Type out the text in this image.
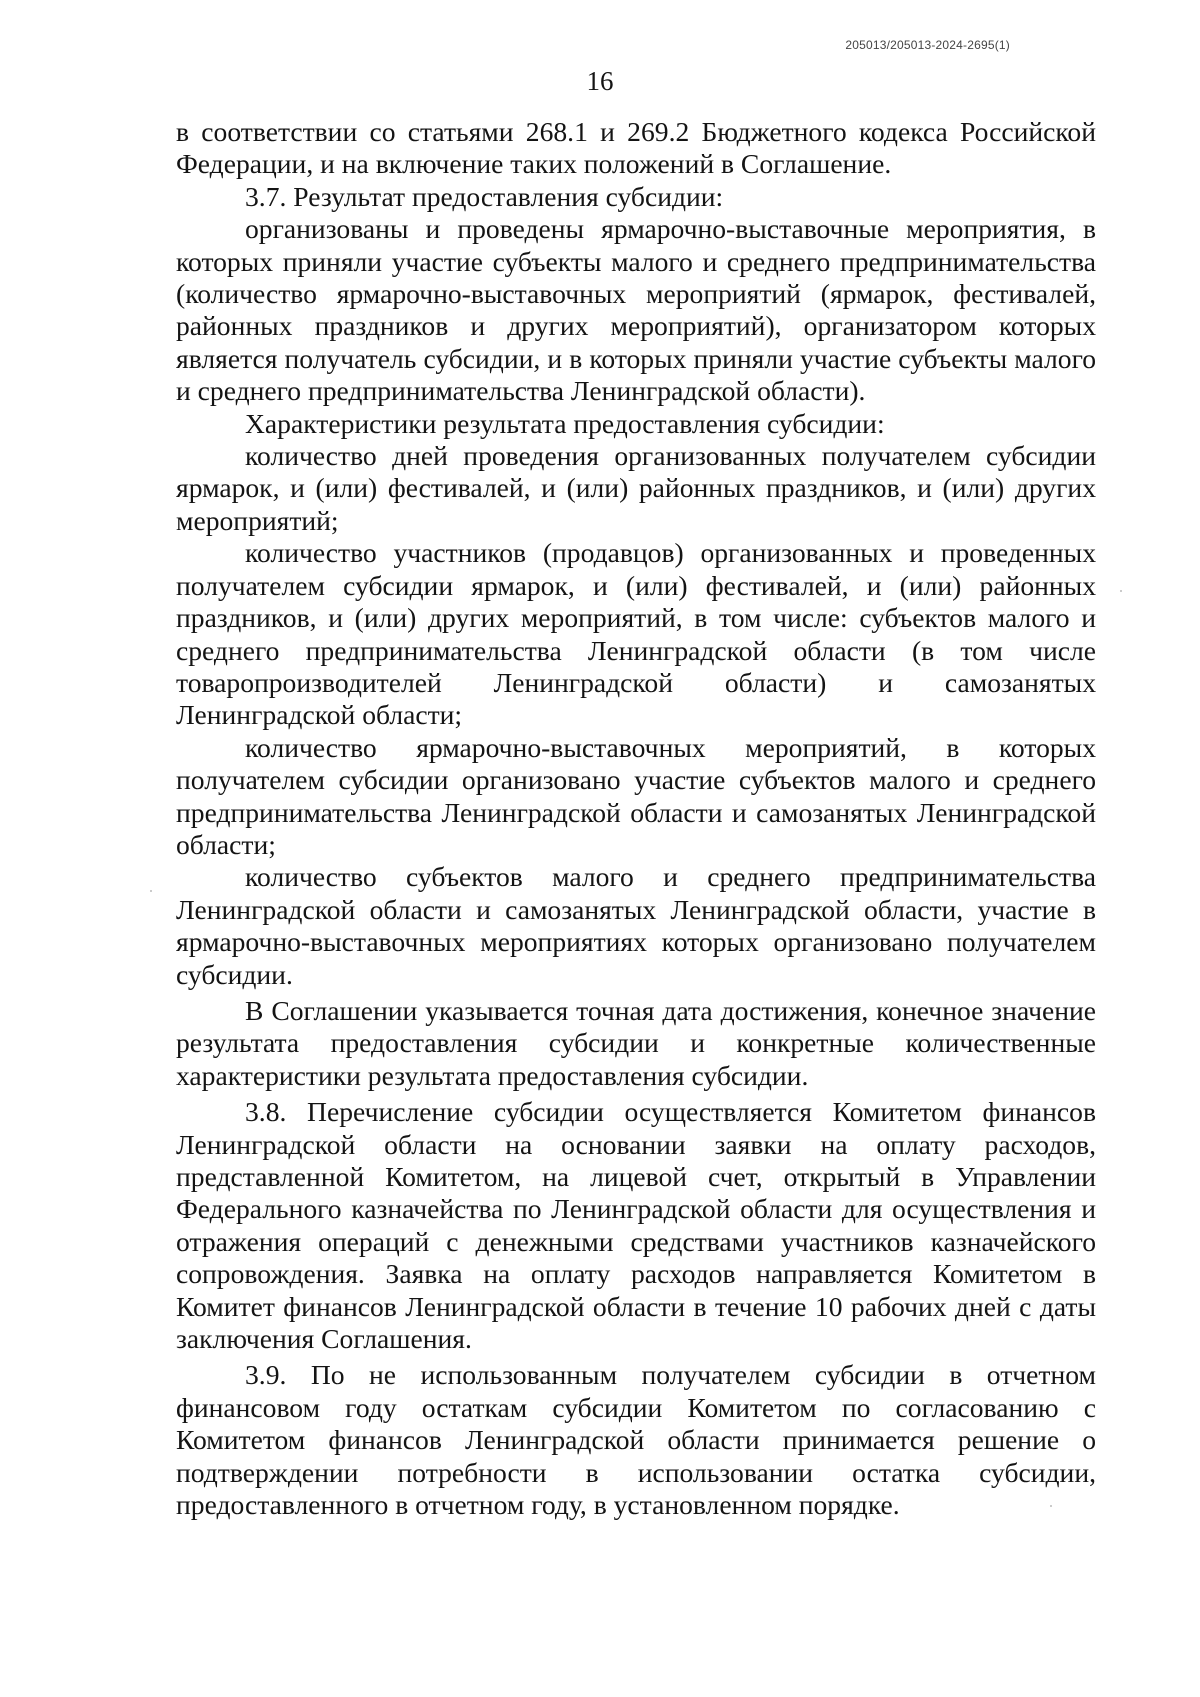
205013/205013-2024-2695(1)
16

в соответствии со статьями 268.1 и 269.2 Бюджетного кодекса Российской Федерации, и на включение таких положений в Соглашение.

3.7. Результат предоставления субсидии:

организованы и проведены ярмарочно-выставочные мероприятия, в которых приняли участие субъекты малого и среднего предпринимательства (количество ярмарочно-выставочных мероприятий (ярмарок, фестивалей, районных праздников и других мероприятий), организатором которых является получатель субсидии, и в которых приняли участие субъекты малого и среднего предпринимательства Ленинградской области).

Характеристики результата предоставления субсидии:

количество дней проведения организованных получателем субсидии ярмарок, и (или) фестивалей, и (или) районных праздников, и (или) других мероприятий;

количество участников (продавцов) организованных и проведенных получателем субсидии ярмарок, и (или) фестивалей, и (или) районных праздников, и (или) других мероприятий, в том числе: субъектов малого и среднего предпринимательства Ленинградской области (в том числе товаропроизводителей Ленинградской области) и самозанятых Ленинградской области;

количество ярмарочно-выставочных мероприятий, в которых получателем субсидии организовано участие субъектов малого и среднего предпринимательства Ленинградской области и самозанятых Ленинградской области;

количество субъектов малого и среднего предпринимательства Ленинградской области и самозанятых Ленинградской области, участие в ярмарочно-выставочных мероприятиях которых организовано получателем субсидии.

В Соглашении указывается точная дата достижения, конечное значение результата предоставления субсидии и конкретные количественные характеристики результата предоставления субсидии.

3.8. Перечисление субсидии осуществляется Комитетом финансов Ленинградской области на основании заявки на оплату расходов, представленной Комитетом, на лицевой счет, открытый в Управлении Федерального казначейства по Ленинградской области для осуществления и отражения операций с денежными средствами участников казначейского сопровождения. Заявка на оплату расходов направляется Комитетом в Комитет финансов Ленинградской области в течение 10 рабочих дней с даты заключения Соглашения.

3.9. По не использованным получателем субсидии в отчетном финансовом году остаткам субсидии Комитетом по согласованию с Комитетом финансов Ленинградской области принимается решение о подтверждении потребности в использовании остатка субсидии, предоставленного в отчетном году, в установленном порядке.
